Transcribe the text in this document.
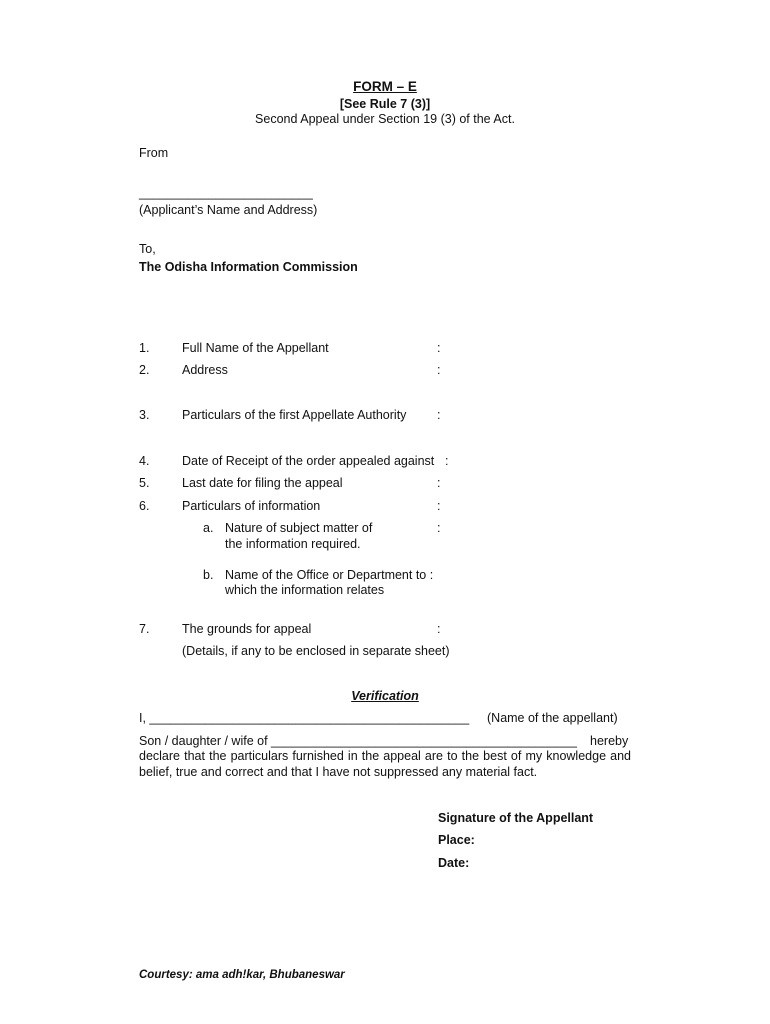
FORM – E
[See Rule 7 (3)]
Second Appeal under Section 19 (3) of the Act.
From
_________________________
(Applicant’s Name and Address)
To,
The Odisha Information Commission
1.	Full Name of the Appellant	:
2.	Address	:
3.	Particulars of the first Appellate Authority :
4.	Date of Receipt of the order appealed against :
5.	Last date for filing the appeal	:
6.	Particulars of information	:
a. Nature of subject matter of	:
the information required.
b. Name of the Office or Department to :
which the information relates
7.	The grounds for appeal	:
(Details, if any to be enclosed in separate sheet)
Verification
I, ______________________________________________ (Name of the appellant)
Son / daughter / wife of ____________________________________________ hereby
declare that the particulars furnished in the appeal are to the best of my knowledge and belief, true and correct and that I have not suppressed any material fact.
Signature of the Appellant
Place:
Date:
Courtesy: ama adh!kar, Bhubaneswar
